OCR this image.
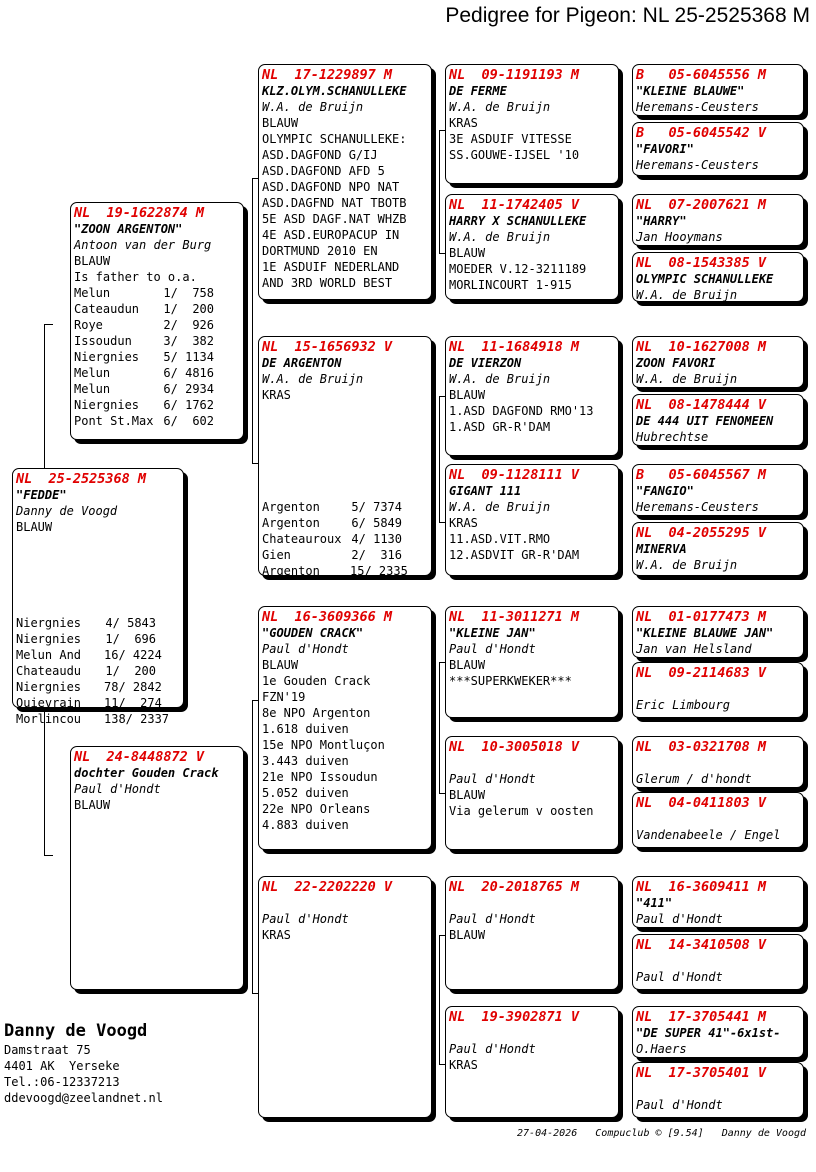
Pedigree for Pigeon: NL 25-2525368 M
NL  25-2525368 M
"FEDDE"
Danny de Voogd
BLAUW
Niergnies	4/ 5843
Niergnies	1/  696
Melun And	16/ 4224
Chateaudu	1/  200
Niergnies	78/ 2842
Quievrain	11/  274
Morlincou	138/ 2337
NL  19-1622874 M
"ZOON ARGENTON"
Antoon van der Burg
BLAUW
Is father to o.a.
Melun	1/  758
Cateaudun	1/  200
Roye	2/  926
Issoudun	3/  382
Niergnies	5/ 1134
Melun	6/ 4816
Melun	6/ 2934
Niergnies	6/ 1762
Pont St.Max 6/  602
NL  24-8448872 V
dochter Gouden Crack
Paul d'Hondt
BLAUW
NL  17-1229897 M
KLZ.OLYM.SCHANULLEKE
W.A. de Bruijn
BLAUW
OLYMPIC SCHANULLEKE:
ASD.DAGFOND G/IJ
ASD.DAGFOND AFD 5
ASD.DAGFOND NPO NAT
ASD.DAGFND NAT TBOTB
5E ASD DAGF.NAT WHZB
4E ASD.EUROPACUP IN
DORTMUND 2010 EN
1E ASDUIF NEDERLAND
AND 3RD WORLD BEST
NL  15-1656932 V
DE ARGENTON
W.A. de Bruijn
KRAS
Argenton	5/ 7374
Argenton	6/ 5849
Chateauroux 4/ 1130
Gien	2/  316
Argenton	15/ 2335
NL  16-3609366 M
"GOUDEN CRACK"
Paul d'Hondt
BLAUW
1e Gouden Crack
FZN'19
8e NPO Argenton
1.618 duiven
15e NPO Montluçon
3.443 duiven
21e NPO Issoudun
5.052 duiven
22e NPO Orleans
4.883 duiven
NL  22-2202220 V
Paul d'Hondt
KRAS
NL  09-1191193 M
DE FERME
W.A. de Bruijn
KRAS
3E ASDUIF VITESSE
SS.GOUWE-IJSEL '10
NL  11-1742405 V
HARRY X SCHANULLEKE
W.A. de Bruijn
BLAUW
MOEDER V.12-3211189
MORLINCOURT 1-915
NL  11-1684918 M
DE VIERZON
W.A. de Bruijn
BLAUW
1.ASD DAGFOND RMO'13
1.ASD GR-R'DAM
NL  09-1128111 V
GIGANT 111
W.A. de Bruijn
KRAS
11.ASD.VIT.RMO
12.ASDVIT GR-R'DAM
NL  11-3011271 M
"KLEINE JAN"
Paul d'Hondt
BLAUW
***SUPERKWEKER***
NL  10-3005018 V
Paul d'Hondt
BLAUW
Via gelerum v oosten
NL  20-2018765 M
Paul d'Hondt
BLAUW
NL  19-3902871 V
Paul d'Hondt
KRAS
B   05-6045556 M
"KLEINE BLAUWE"
Heremans-Ceusters
B   05-6045542 V
"FAVORI"
Heremans-Ceusters
NL  07-2007621 M
"HARRY"
Jan Hooymans
NL  08-1543385 V
OLYMPIC SCHANULLEKE
W.A. de Bruijn
NL  10-1627008 M
ZOON FAVORI
W.A. de Bruijn
NL  08-1478444 V
DE 444 UIT FENOMEEN
Hubrechtse
B   05-6045567 M
"FANGIO"
Heremans-Ceusters
NL  04-2055295 V
MINERVA
W.A. de Bruijn
NL  01-0177473 M
"KLEINE BLAUWE JAN"
Jan van Helsland
NL  09-2114683 V
Eric Limbourg
NL  03-0321708 M
Glerum / d'hondt
NL  04-0411803 V
Vandenabeele / Engel
NL  16-3609411 M
"411"
Paul d'Hondt
NL  14-3410508 V
Paul d'Hondt
NL  17-3705441 M
"DE SUPER 41"-6x1st-
O.Haers
NL  17-3705401 V
Paul d'Hondt
Danny de Voogd
Damstraat 75
4401 AK  Yerseke
Tel.:06-12337213
ddevoogd@zeelandnet.nl
27-04-2026   Compuclub © [9.54]   Danny de Voogd
